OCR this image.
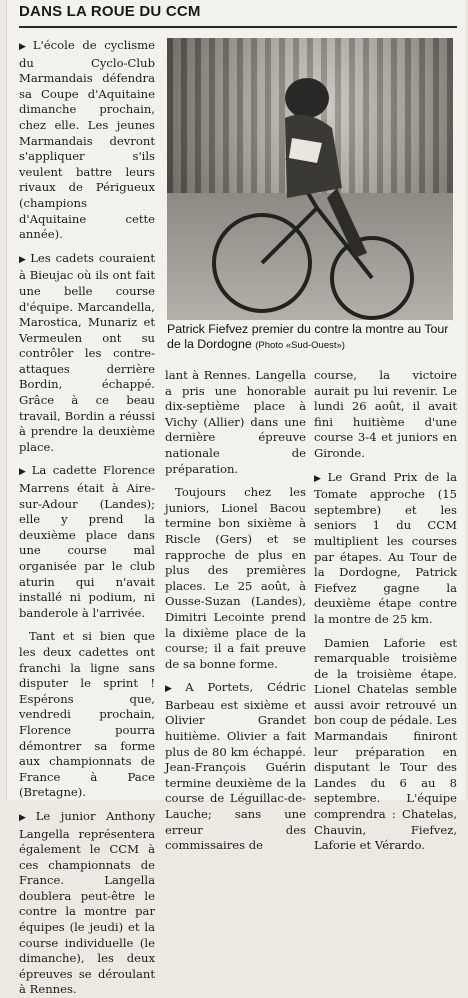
DANS LA ROUE DU CCM

▶ L'école de cyclisme du Cyclo-Club Marmandais défendra sa Coupe d'Aquitaine dimanche prochain, chez elle. Les jeunes Marmandais devront s'appliquer s'ils veulent battre leurs rivaux de Périgueux (champions d'Aquitaine cette année).

▶ Les cadets couraient à Bieujac où ils ont fait une belle course d'équipe. Marcandella, Marostica, Munariz et Vermeulen ont su contrôler les contre-attaques derrière Bordin, échappé. Grâce à ce beau travail, Bordin a réussi à prendre la deuxième place.

▶ La cadette Florence Marrens était à Aire-sur-Adour (Landes); elle y prend la deuxième place dans une course mal organisée par le club aturin qui n'avait installé ni podium, ni banderole à l'arrivée.

Tant et si bien que les deux cadettes ont franchi la ligne sans disputer le sprint ! Espérons que, vendredi prochain, Florence pourra démontrer sa forme aux championnats de France à Pace (Bretagne).

▶ Le junior Anthony Langella représentera également le CCM à ces championnats de France. Langella doublera peut-être le contre la montre par équipes (le jeudi) et la course individuelle (le dimanche), les deux épreuves se déroulant à Rennes.

Patrick Fiefvez premier du contre la montre au Tour de la Dordogne (Photo «Sud-Ouest»)

lant à Rennes. Langella a pris une honorable dix-septième place à Vichy (Allier) dans une dernière épreuve nationale de préparation.

Toujours chez les juniors, Lionel Bacou termine bon sixième à Riscle (Gers) et se rapproche de plus en plus des premières places. Le 25 août, à Ousse-Suzan (Landes), Dimitri Lecointe prend la dixième place de la course; il a fait preuve de sa bonne forme.

▶ A Portets, Cédric Barbeau est sixième et Olivier Grandet huitième. Olivier a fait plus de 80 km échappé. Jean-François Guérin termine deuxième de la course de Léguillac-de-Lauche; sans une erreur des commissaires de

course, la victoire aurait pu lui revenir. Le lundi 26 août, il avait fini huitième d'une course 3-4 et juniors en Gironde.

▶ Le Grand Prix de la Tomate approche (15 septembre) et les seniors 1 du CCM multiplient les courses par étapes. Au Tour de la Dordogne, Patrick Fiefvez gagne la deuxième étape contre la montre de 25 km.

Damien Laforie est remarquable troisième de la troisième étape. Lionel Chatelas semble aussi avoir retrouvé un bon coup de pédale. Les Marmandais finiront leur préparation en disputant le Tour des Landes du 6 au 8 septembre. L'équipe comprendra : Chatelas, Chauvin, Fiefvez, Laforie et Vérardo.
